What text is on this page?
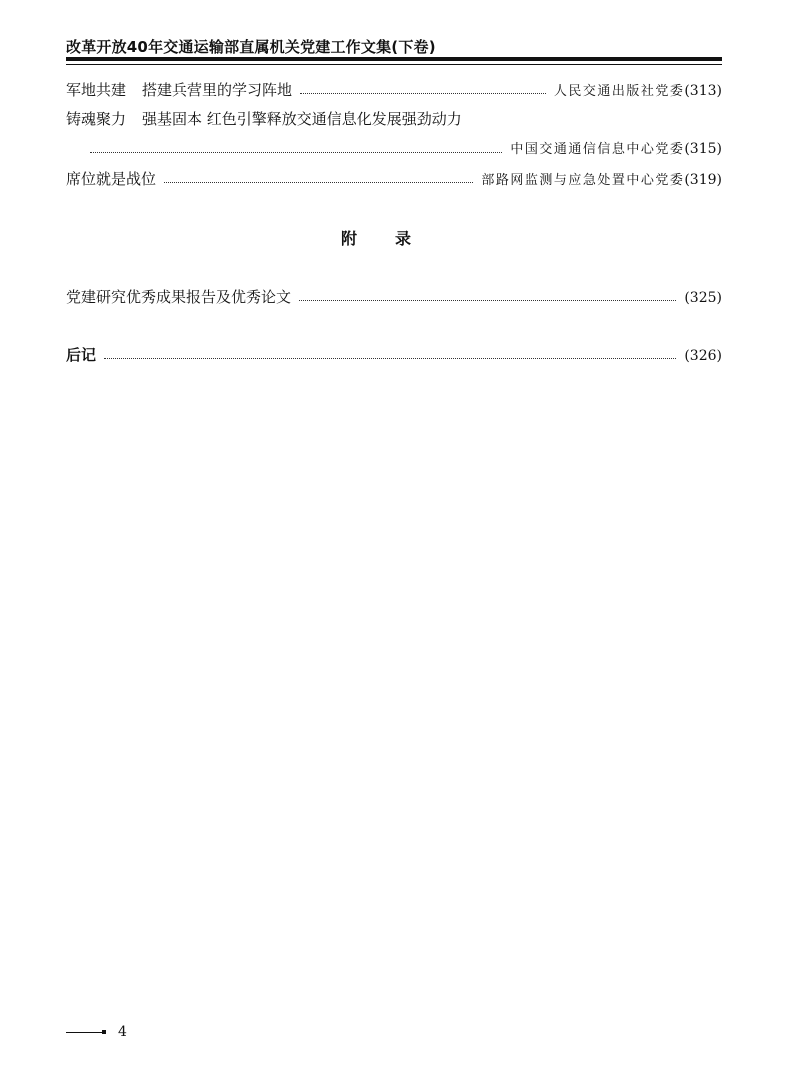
改革开放40年交通运输部直属机关党建工作文集(下卷)
军地共建 搭建兵营里的学习阵地	人民交通出版社党委 (313)
铸魂聚力 强基固本 红色引擎释放交通信息化发展强劲动力
中国交通通信信息中心党委 (315)
席位就是战位	部路网监测与应急处置中心党委 (319)
附录
党建研究优秀成果报告及优秀论文	(325)
后记	(326)
4
